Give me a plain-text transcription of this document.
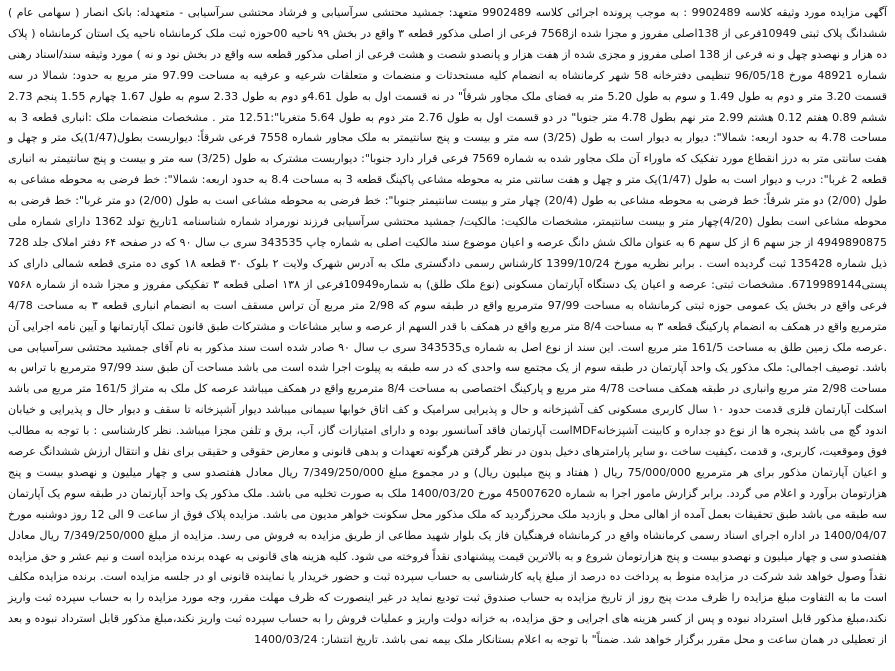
آگهی مزایده مورد وثیقه کلاسه 9902489 : به موجب پرونده اجرائی کلاسه 9902489 متعهد: جمشید محتشی سرآسیابی و فرشاد محتشی سرآسیابی - متعهدله: بانک انصار ( سهامی عام ) ششدانگ پلاک ثبتی 10949فرعی از 138اصلی مفروز و مجزا شده از7568 فرعی از اصلی مذکور قطعه ۳ واقع در بخش ۹۹ ناحیه 00حوزه ثبت ملک کرمانشاه ناحیه یک استان کرمانشاه ( پلاک ده هزار و نهصدو چهل و نه فرعی از 138 اصلی مفروز و مجزی شده از هفت هزار و پانصدو شصت و هشت فرعی از اصلی مذکور قطعه سه واقع در بخش نود و نه ) مورد وثیقه سند/اسناد رهنی شماره 48921 مورخ 96/05/18 تنظیمی دفترخانه 58 شهر کرمانشاه به انضمام کلیه مستحدثات و منضمات و متعلقات شرعیه و عرفیه به مساحت 97.99 متر مربع به حدود: شمالا در سه قسمت 3.20 متر و دوم به طول 1.49 و سوم به طول 5.20 متر به فضای ملک مجاور شرقاً" در نه قسمت اول به طول 4.61و دوم به طول 2.33 سوم به طول 1.67 چهارم 1.55 پنجم 2.73 ششم 0.89 هفتم 0.12 هشتم 2.99 متر نهم بطول 4.78 متر جنوبا" در دو قسمت اول به طول 2.76 متر دوم به طول 5.64 متغربا":12.51 متر . مشخصات منضمات ملک :انباری قطعه 3 به مساحت 4.78 به حدود اربعه: شمالا": دیوار به دیوار است به طول (3/25) سه متر و بیست و پنج سانتیمتر به ملک مجاور شماره 7558 فرعی شرقاً: دیواربست بطول(1/47)یک متر و چهل و هفت سانتی متر به درز انقطاع مورد تفکیک که ماوراء آن ملک مجاور شده به شماره 7569 فرعی قرار دارد جنوبا": دیواربست مشترک به طول (3/25) سه متر و بیست و پنج سانتیمتر به انباری قطعه 2 غربا": درب و دیوار است به طول (1/47)یک متر و چهل و هفت سانتی متر به محوطه مشاعی پاکینگ قطعه 3 به مساحت 8.4 به حدود اربعه: شمالا": خط فرضی به محوطه مشاعی به طول (2/00) دو متر شرقاً: خط فرضی به محوطه مشاعی به طول (20/4) چهار متر و بیست سانتیمتر جنوبا": خط فرضی به محوطه مشاعی است به طول (2/00) دو متر غربا": خط فرضی به محوطه مشاعی است بطول (4/20)چهار متر و بیست سانتیمتر، مشخصات مالکیت: مالکیت/ جمشید محتشی سرآسیابی فرزند نورمراد شماره شناسنامه 1تاریخ تولد 1362 دارای شماره ملی 4949890875 از جز سهم 6 از کل سهم 6 به عنوان مالک شش دانگ عرصه و اعیان موضوع سند مالکیت اصلی به شماره چاپ 343535 سری ب سال ۹۰ که در صفحه ۶۴ دفتر املاک جلد 728 ذیل شماره 135428 ثبت گردیده است . برابر نظریه مورخ 1399/10/24 کارشناس رسمی دادگستری ملک به آدرس شهرک ولایت ۲ بلوک ۳۰ قطعه ۱۸ کوی ده متری قطعه شمالی دارای کد پستی6719989144. مشخصات ثبتی: عرصه و اعیان یک دستگاه آپارتمان مسکونی (نوع ملک طلق) به شماره10949فرعی از ۱۳۸ اصلی قطعه ۳ تفکیکی مفروز و مجزا شده از شماره ۷۵۶۸ فرعی واقع در بخش یک عمومی حوزه ثبتی کرمانشاه به مساحت 97/99 مترمربع واقع در طبقه سوم که 2/98 متر مربع آن تراس مسقف است به انضمام انباری قطعه ۳ به مساحت 4/78 مترمربع واقع در همکف به انضمام پارکینگ قطعه ۳ به مساحت 8/4 متر مربع واقع در همکف با قدر السهم از عرصه و سایر مشاعات و مشترکات طبق قانون تملک آپارتمانها و آیین نامه اجرایی آن .عرصه ملک زمین طلق به مساحت 161/5 متر مربع است. این سند از نوع اصل به شماره ی343535 سری ب سال ۹۰ صادر شده است سند مذکور به نام آقای جمشید محتشی سرآسیابی می باشد. توصیف اجمالی: ملک مذکور یک واحد آپارتمان در طبقه سوم از یک مجتمع سه واحدی که در سه طبقه به پیلوت اجرا شده است می باشد مساحت آن طبق سند 97/99 مترمربع با تراس به مساحت 2/98 متر مربع وانباری در طبقه همکف مساحت 4/78 متر مربع و پارکینگ اختصاصی به مساحت 8/4 مترمربع واقع در همکف میباشد عرصه کل ملک به متراژ 161/5 متر مربع می باشد اسکلت آپارتمان فلزی قدمت حدود ۱۰ سال کاربری مسکونی کف آشپزخانه و حال و پذیرایی سرامیک و کف اتاق خوابها سیمانی میباشد دیوار آشپزخانه تا سقف و دیوار حال و پذیرایی و خیابان اندود گچ می باشد پنجره ها از نوع دو جداره و کابینت آشپزخانهMDFاست آپارتمان فاقد آسانسور بوده و دارای امتیازات گاز، آب، برق و تلفن مجزا میباشد. نظر کارشناسی : با توجه به مطالب فوق وموقعیت، کاربری، و قدمت ،کیفیت ساخت ،و سایر پارامترهای دخیل بدون در نظر گرفتن هرگونه تعهدات و بدهی قانونی و معارض حقوقی و حقیقی برای نقل و انتقال ارزش ششدانگ عرصه و اعیان آپارتمان مذکور برای هر مترمربع 75/000/000 ریال ( هفتاد و پنج میلیون ریال) و در مجموع مبلغ 7/349/250/000 ریال معادل هفتصدو سی و چهار میلیون و نهصدو بیست و پنج هزارتومان برآورد و اعلام می گردد. برابر گزارش مامور اجرا به شماره 45007620 مورخ 1400/03/20 ملک به صورت تخلیه می باشد. ملک مذکور یک واحد آپارتمان در طبقه سوم یک آپارتمان سه طبقه می باشد طبق تحقیقات بعمل آمده از اهالی محل و بازدید ملک محرزگردید که ملک مذکور محل سکونت خواهر مدیون می باشد. مزایده پلاک فوق از ساعت 9 الی 12 روز دوشنبه مورخ 1400/04/07 در اداره اجرای اسناد رسمی کرمانشاه واقع در کرمانشاه فرهنگیان فاز یک بلوار شهید مطاعی از طریق مزایده به فروش می رسد. مزایده از مبلغ 7/349/250/000 ریال معادل هفتصدو سی و چهار میلیون و نهصدو بیست و پنج هزارتومان شروع و به بالاترین قیمت پیشنهادی نقداً فروخته می شود. کلیه هزینه های قانونی به عهده برنده مزایده است و نیم عشر و حق مزایده نقداً وصول خواهد شد شرکت در مزایده منوط به پرداخت ده درصد از مبلغ پایه کارشناسی به حساب سپرده ثبت و حضور خریدار یا نماینده قانونی او در جلسه مزایده است. برنده مزایده مکلف است ما به التفاوت مبلغ مزایده را ظرف مدت پنج روز از تاریخ مزایده به حساب صندوق ثبت تودیع نماید در غیر اینصورت که ظرف مهلت مقرر، وجه مورد مزایده را به حساب سپرده ثبت واریز نکند،مبلغ مذکور قابل استرداد نبوده و پس از کسر هزینه های اجرایی و حق مزایده، به خزانه دولت واریز و عملیات فروش را به حساب سپرده ثبت واریز نکند،مبلغ مذکور قابل استرداد نبوده و بعد از تعطیلی در همان ساعت و محل مقرر برگزار خواهد شد. ضمناً" با توجه به اعلام بستانکار ملک بیمه نمی باشد. تاریخ انتشار: 1400/03/24
